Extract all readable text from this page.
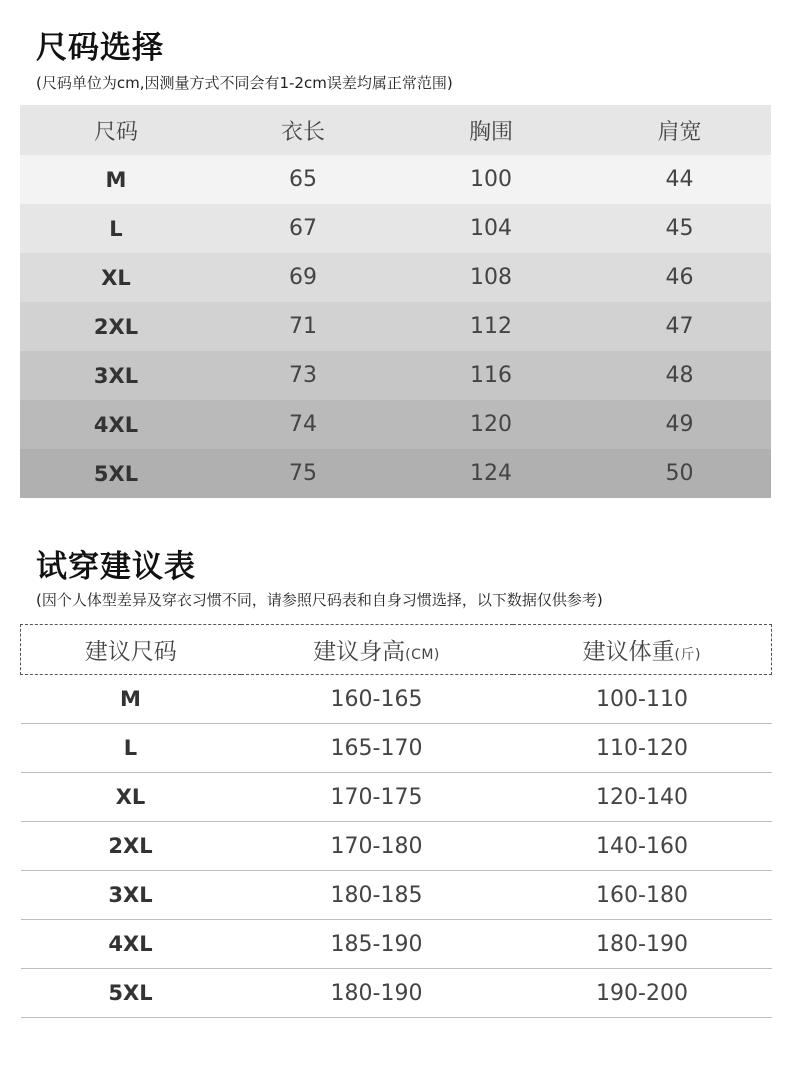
尺码选择

(尺码单位为cm,因测量方式不同会有1-2cm误差均属正常范围)

尺码	衣长	胸围	肩宽
M	65	100	44
L	67	104	45
XL	69	108	46
2XL	71	112	47
3XL	73	116	48
4XL	74	120	49
5XL	75	124	50
试穿建议表

(因个人体型差异及穿衣习惯不同，请参照尺码表和自身习惯选择，以下数据仅供参考)

建议尺码	建议身高(CM)	建议体重(斤)
M	160-165	100-110
L	165-170	110-120
XL	170-175	120-140
2XL	170-180	140-160
3XL	180-185	160-180
4XL	185-190	180-190
5XL	180-190	190-200
